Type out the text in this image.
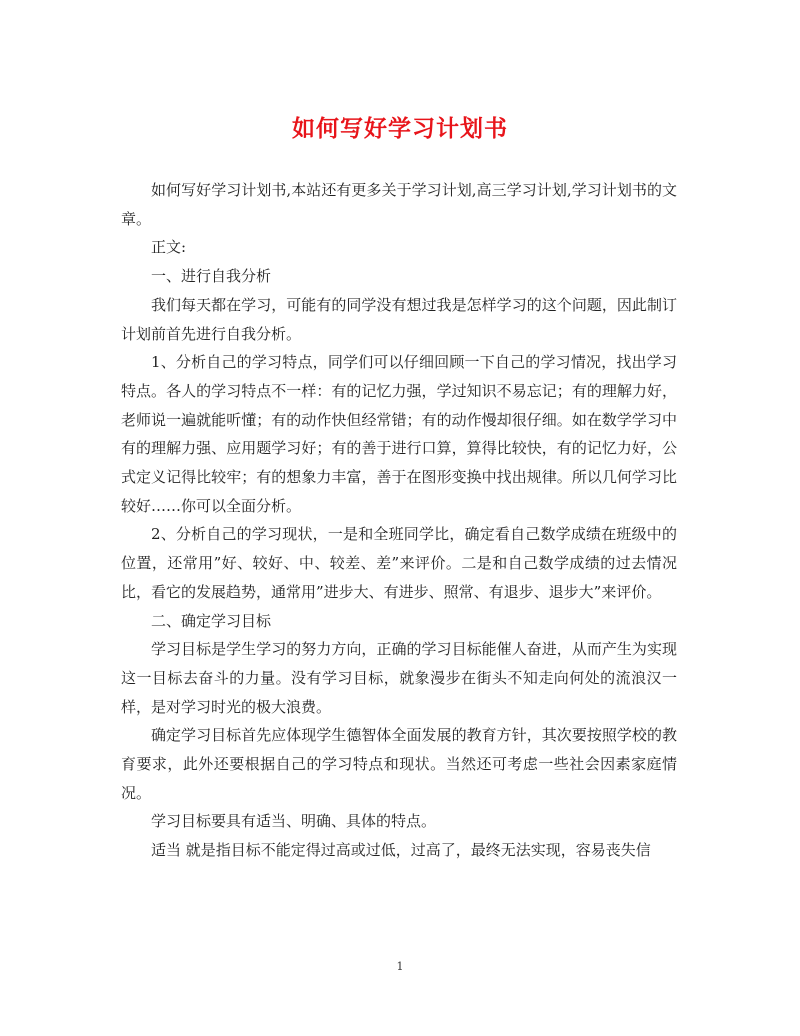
如何写好学习计划书

如何写好学习计划书,本站还有更多关于学习计划,高三学习计划,学习计划书的文章。

正文:

一、进行自我分析

我们每天都在学习，可能有的同学没有想过我是怎样学习的这个问题，因此制订计划前首先进行自我分析。

1、分析自己的学习特点，同学们可以仔细回顾一下自己的学习情况，找出学习特点。各人的学习特点不一样：有的记忆力强，学过知识不易忘记；有的理解力好，老师说一遍就能听懂；有的动作快但经常错；有的动作慢却很仔细。如在数学学习中有的理解力强、应用题学习好；有的善于进行口算，算得比较快，有的记忆力好，公式定义记得比较牢；有的想象力丰富，善于在图形变换中找出规律。所以几何学习比较好……你可以全面分析。

2、分析自己的学习现状，一是和全班同学比，确定看自己数学成绩在班级中的位置，还常用”好、较好、中、较差、差”来评价。二是和自己数学成绩的过去情况比，看它的发展趋势，通常用”进步大、有进步、照常、有退步、退步大”来评价。

二、确定学习目标

学习目标是学生学习的努力方向，正确的学习目标能催人奋进，从而产生为实现这一目标去奋斗的力量。没有学习目标，就象漫步在街头不知走向何处的流浪汉一样，是对学习时光的极大浪费。

确定学习目标首先应体现学生德智体全面发展的教育方针，其次要按照学校的教育要求，此外还要根据自己的学习特点和现状。当然还可考虑一些社会因素家庭情况。

学习目标要具有适当、明确、具体的特点。

适当 就是指目标不能定得过高或过低，过高了，最终无法实现，容易丧失信

1
